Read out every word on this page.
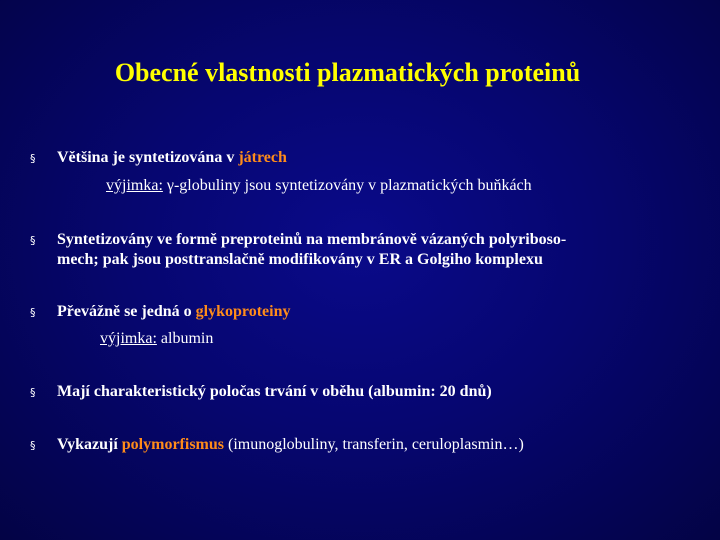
Obecné vlastnosti plazmatických proteinů
§ Většina je syntetizována v játrech
výjimka: γ-globuliny jsou syntetizovány v plazmatických buňkách
§ Syntetizovány ve formě preproteinů na membránově vázaných polyriboso-
mech; pak jsou posttranslačně modifikovány v ER a Golgiho komplexu
§ Převážně se jedná o glykoproteiny
výjimka: albumin
§ Mají charakteristický poločas trvání v oběhu (albumin: 20 dnů)
§ Vykazují polymorfismus (imunoglobuliny, transferin, ceruloplasmin…)
